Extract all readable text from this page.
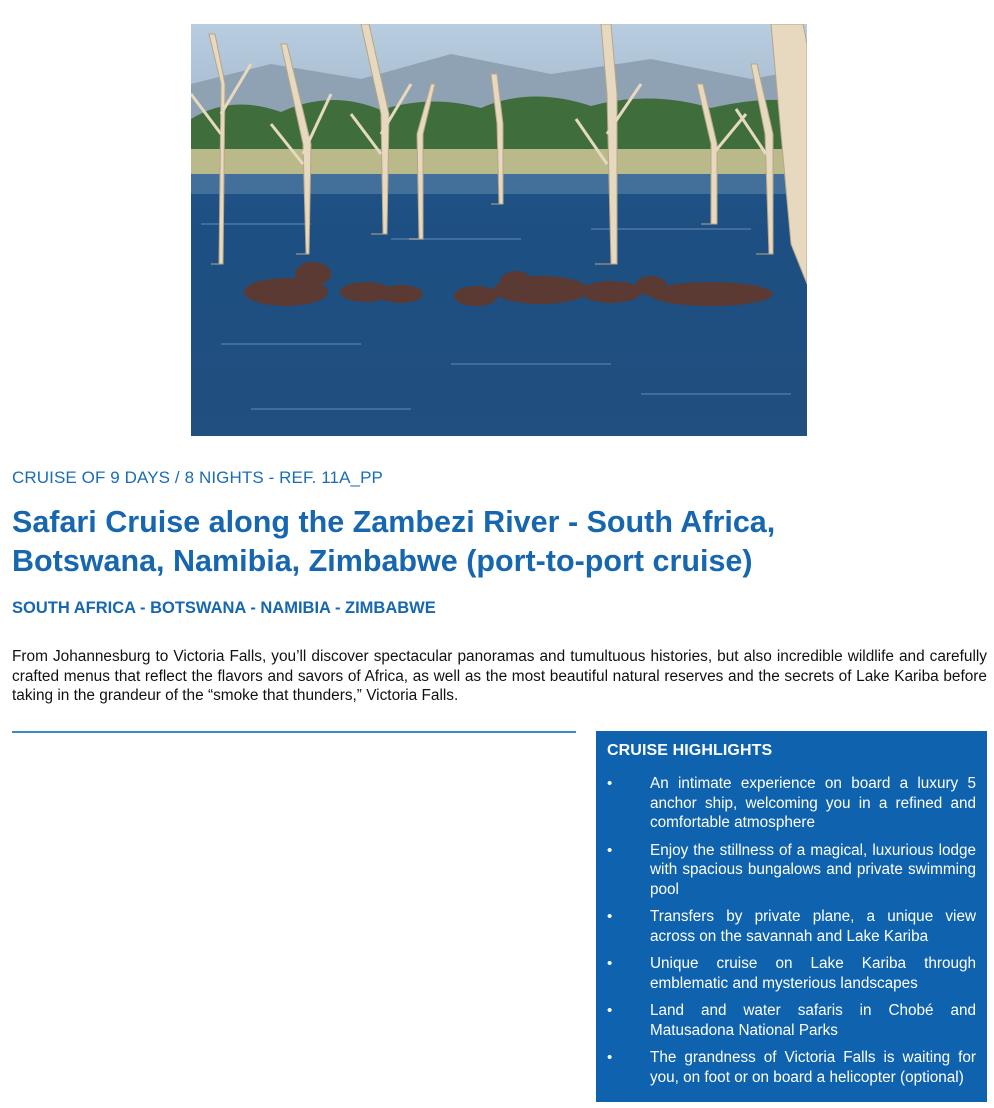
CRUISE OF 9 DAYS / 8 NIGHTS - REF. 11A_PP
Safari Cruise along the Zambezi River - South Africa, Botswana, Namibia, Zimbabwe (port-to-port cruise)
SOUTH AFRICA - BOTSWANA - NAMIBIA - ZIMBABWE

From Johannesburg to Victoria Falls, you’ll discover spectacular panoramas and tumultuous histories, but also incredible wildlife and carefully crafted menus that reflect the flavors and savors of Africa, as well as the most beautiful natural reserves and the secrets of Lake Kariba before taking in the grandeur of the “smoke that thunders,” Victoria Falls.

CRUISE HIGHLIGHTS
• An intimate experience on board a luxury 5 anchor ship, welcoming you in a refined and comfortable atmosphere
• Enjoy the stillness of a magical, luxurious lodge with spacious bungalows and private swimming pool
• Transfers by private plane, a unique view across on the savannah and Lake Kariba
• Unique cruise on Lake Kariba through emblematic and mysterious landscapes
• Land and water safaris in Chobé and Matusadona National Parks
• The grandness of Victoria Falls is waiting for you, on foot or on board a helicopter (optional)
